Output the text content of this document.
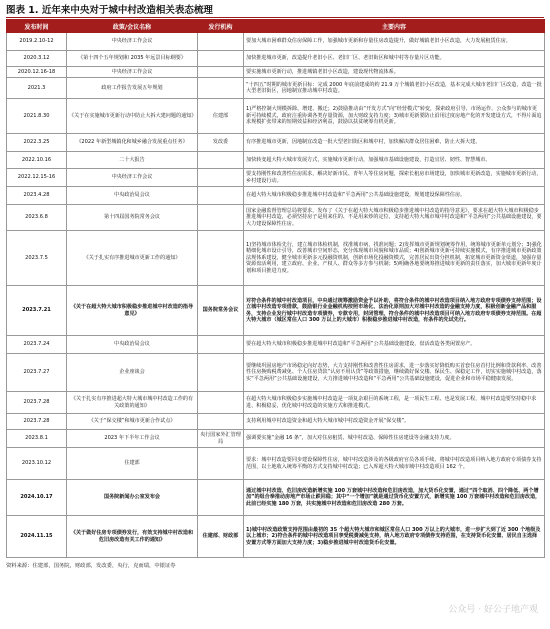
图表 1. 近年来中央对于城中村改造相关表态梳理
发布时间	政策/会议名称	发行机构	主要内容
2019.2.10-12	中央经济工作会议		要加大城市困难群众住房保障工作，加强城市更新和存量住房改造提升，做好城镇老旧小区改造，大力发展租赁住房。
2020.3.12	《第十四个五年规划和 2035 年远景目标纲要》		加快推进城市更新，改造提升老旧小区、老旧厂区、老旧街区和城中村等存量片区功能。
2020.12.16-18	中央经济工作会议		要实施城市更新行动，推进城镇老旧小区改造，建设现代物流体系。
2021.3	政府工作报告发展五年规划		“十四五”时期的城市更新目标：完成 2000 年底前建成的约 21.9 万个城镇老旧小区改造，基本完成大城市老旧厂区改造，改造一批大型老旧街区，因地制宜推动城中村改造。
2021.8.30	《关于在实施城市更新行动中防止大拆大建问题的通知》	住建部	1)严格控制大规模拆除、增建、搬迁；2)鼓励推动由“开发方式”向“经营模式”转变，探索政府引导、市场运作、公众参与的城市更新可持续模式，政府注重协调各类存量资源，加大财政支持力度；3)城市更新要防止沿用过度房地产化的开发建设方式，不得片面追求规模扩张带来的短期效益和经济利益，鼓励以扶贫统筹有机更新。
2022.3.25	《2022 年新型城镇化和城乡融合发展重点任务》	发改委	有序推进城市更新，因地制宜改造一批大型老旧街区和城中村，加快解决群众居住困难，防止大拆大建。
2022.10.16	二十大报告		加快转变超大特大城市发展方式，实施城市更新行动，加强城市基础设施建设，打造宜居、韧性、智慧城市。
2022.12.15-16	中央经济工作会议		要支持刚性和改善性住房需求，解决好新市民、青年人等住房问题，探索长租房市场建设，加快城市更新改造，实施城市更新行动，乡村建设行动。
2023.4.28	中央政治局会议		在超大特大城市积极稳步推进城中村改造和“平急两用”公共基础设施建设，规划建设保障性住房。
2023.6.8	第十四届国务院常务会议		国家金融监督管理总局将要求，发布了《关于在超大特大城市积极稳步推进城中村改造的指导意见》，要求在超大特大城市积极稳步推进城中村改造，必须坚持房子是用来住的、不是用来炒的定位，支持超大特大城市城中村改造和“平急两用”公共基础设施建设，要大力建设保障性住房。
2023.7.5	《关于扎实有序推进城市更新工作的通知》		1)坚持城市体检先行，建立城市体检机制，找准城市病，找准问题；2)发挥城市更新规划统筹作用，统筹城市更新单元划分；3)强化精细化城市设计引导，改善城市空间形态，充分体现城市风貌和城市品质；4)创新城市更新可持续实施模式，有序推进城市更新政策法规体系建设，健全城市更新多元投融资机制，创新市场化投融资模式，完善居民出资分担机制，拓宽城市更新资金渠道，加强存量资源盘活利用，建立政府、企业、产权人、群众等多方参与机制；5)明确各地要统筹推进城市更新的责任落实，加大城市更新年度计划和项目推进力度。
2023.7.21	《关于在超大特大城市积极稳步推进城中村改造的指导意见》	国务院常务会议	对符合条件的城中村改造项目，中央通过统筹激励资金予以补助，将符合条件的城中村改造项目纳入地方政府专项债券支持范围；设立城中村改造专项借款，鼓励银行业金融机构按照市场化、法治化原则加大对城中村改造的金融支持力度，积极创新金融产品和服务，支持企业发行城中村改造专项债券，专款专用，封闭管理，符合条件的城中村改造项目可纳入地方政府专项债券支持范围。在超大特大城市（城区常住人口 300 万以上的大城市）积极稳步推进城中村改造，有条件的先试先行。
2023.7.24	中央政治局会议		要在超大特大城市积极稳步推进城中村改造和“平急两用”公共基础设施建设，盘活改造各类闲置房产。
2023.7.27	企业座谈会		要继续巩固房地产市场稳定向好态势，大力支持刚性和改善性住房需求，进一步落实好降低购买首套住房首付比例和贷款利率、改善性住房换购税费减免、个人住房贷款“认房不用认贷”等政策措施，继续做好保交楼、保民生、保稳定工作，切实实施城中村改造，落实“平急两用”公共基础设施建设，大力推进城中村改造和“平急两用”公共基础设施建设，促进企业和市场平稳健康发展。
2023.7.28	《关于扎实有序推进超大特大城市城中村改造工作的有关政策的通知》		在超大特大城市积极稳步实施城中村改造是一项复杂艰巨的系统工程，是一项民生工程、也是发展工程，城中村改造要坚持稳中求进、积极稳妥，优化城中村改造的实施方式和推进模式。
2023.7.28	《关于“保交楼”和城市更新合作试点》		支持利用城中村改造资金和超大特大城市城中村改造资金开展“保交楼”。
2023.8.1	2023 年下半年工作会议	央行国家外汇管理局	强调要实施“金融 16 条”，加大对住房租赁、城中村改造、保障性住房建设等金融支持力度。
2023.10.12	住建部		要求：城中村改造要同步建设保障性住房，城中村改造涉及的各级政府官员各项手续、将城中村改造项目纳入地方政府专项债券支持范围，以土地收入统筹平衡的方式支持城中村改造；已入库超大特大城市城中村改造项目 162 个。
2024.10.17	国务院新闻办公室发布会		通过城中村改造、危旧房改造新增实施 100 万套城中村改造和危旧房改造，加大货币化安置，通过“四个取消、四个降低、两个增加”的组合拳推动房地产市场止跌回稳；其中“一个增加”就是通过货币化安置方式，新增实施 100 万套城中村改造和危旧房改造，此前已经实施 180 万套，共实施城中村改造和危旧房改造 280 万套。
2024.11.15	《关于做好住房专项债券发行，有效支持城中村改造和危旧房改造有关工作的通知》	住建部、财政部	1)城中村改造政策支持范围由最初的 35 个超大特大城市和城区常住人口 300 万以上的大城市，进一步扩大到了近 300 个地级及以上城市；2)符合条件的城中村改造项目享受税费减免支持，纳入地方政府专项债券支持范围，在支持货币化安置、居民自主选择安置方式等方面加大支持力度；3)稳步推进城中村改造货币化安置。
资料来源：住建部，国务院，财政部，发改委，央行，克而瑞，中银证券
公众号 · 好公子地产观
